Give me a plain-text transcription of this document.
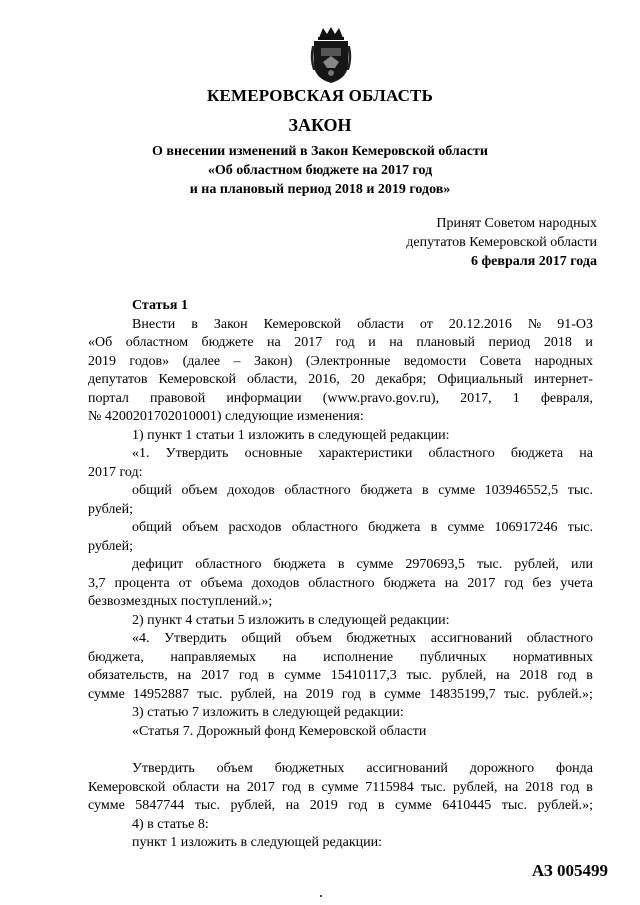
КЕМЕРОВСКАЯ ОБЛАСТЬ
ЗАКОН
О внесении изменений в Закон Кемеровской области
«Об областном бюджете на 2017 год
и на плановый период 2018 и 2019 годов»
Принят Советом народных
депутатов Кемеровской области
6 февраля 2017 года
Статья 1
Внести в Закон Кемеровской области от 20.12.2016 № 91-ОЗ
«Об областном бюджете на 2017 год и на плановый период 2018 и
2019 годов» (далее – Закон) (Электронные ведомости Совета народных
депутатов Кемеровской области, 2016, 20 декабря; Официальный интернет-
портал правовой информации (www.pravo.gov.ru), 2017, 1 февраля,
№ 4200201702010001) следующие изменения:
1) пункт 1 статьи 1 изложить в следующей редакции:
«1. Утвердить основные характеристики областного бюджета на
2017 год:
общий объем доходов областного бюджета в сумме 103946552,5 тыс.
рублей;
общий объем расходов областного бюджета в сумме 106917246 тыс.
рублей;
дефицит областного бюджета в сумме 2970693,5 тыс. рублей, или
3,7 процента от объема доходов областного бюджета на 2017 год без учета
безвозмездных поступлений.»;
2) пункт 4 статьи 5 изложить в следующей редакции:
«4. Утвердить общий объем бюджетных ассигнований областного
бюджета, направляемых на исполнение публичных нормативных
обязательств, на 2017 год в сумме 15410117,3 тыс. рублей, на 2018 год в
сумме 14952887 тыс. рублей, на 2019 год в сумме 14835199,7 тыс. рублей.»;
3) статью 7 изложить в следующей редакции:
«Статья 7. Дорожный фонд Кемеровской области
Утвердить объем бюджетных ассигнований дорожного фонда
Кемеровской области на 2017 год в сумме 7115984 тыс. рублей, на 2018 год в
сумме 5847744 тыс. рублей, на 2019 год в сумме 6410445 тыс. рублей.»;
4) в статье 8:
пункт 1 изложить в следующей редакции:
АЗ 005499
